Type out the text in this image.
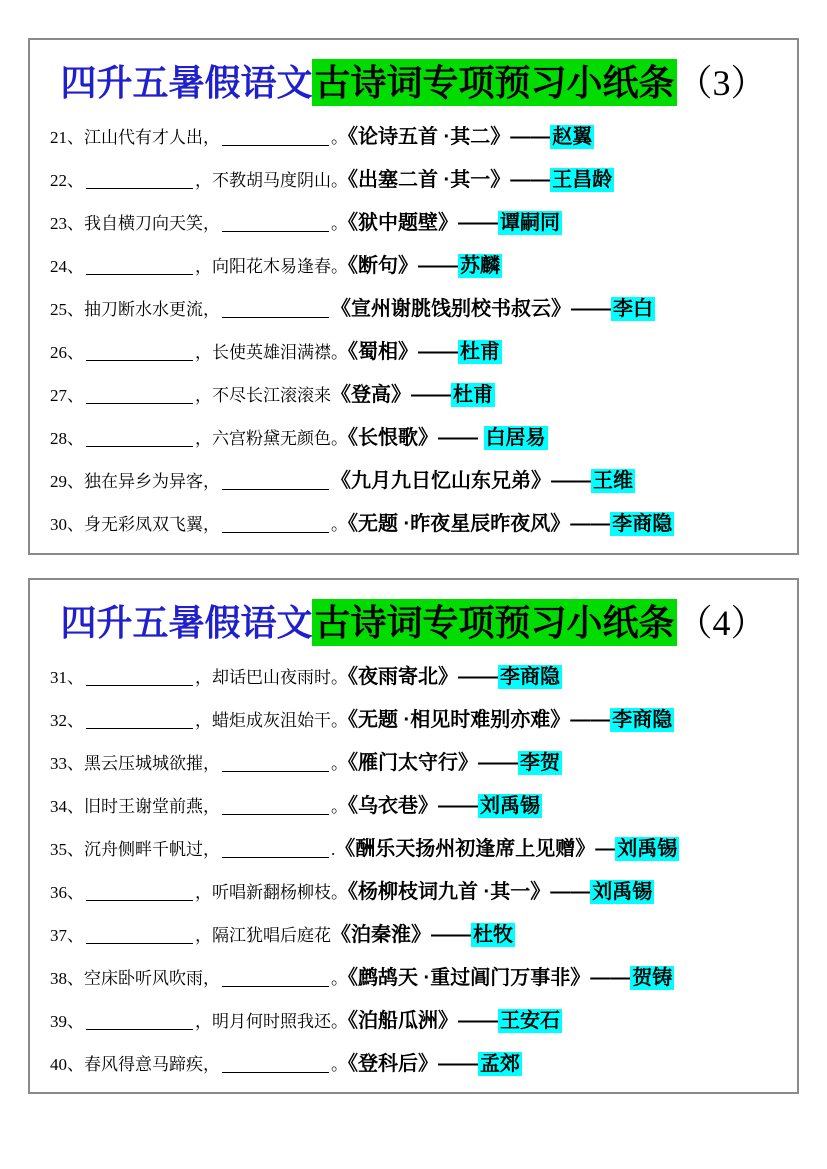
四升五暑假语文古诗词专项预习小纸条（3）
21、江山代有才人出，	。《论诗五首 ·其二》—— 赵翼
22、	，不教胡马度阴山。《出塞二首 ·其一》—— 王昌龄
23、我自横刀向天笑，	。《狱中题壁》—— 谭嗣同
24、	，向阳花木易逢春。《断句》—— 苏麟
25、抽刀断水水更流，	《宣州谢朓饯别校书叔云》—— 李白
26、	，长使英雄泪满襟。《蜀相》—— 杜甫
27、	，不尽长江滚滚来《登高》—— 杜甫
28、	，六宫粉黛无颜色。《长恨歌》—— 白居易
29、独在异乡为异客，	《九月九日忆山东兄弟》—— 王维
30、身无彩凤双飞翼，	。《无题 ·昨夜星辰昨夜风》—— 李商隐
四升五暑假语文古诗词专项预习小纸条（4）
31、	，却话巴山夜雨时。《夜雨寄北》—— 李商隐
32、	，蜡炬成灰沮始干。《无题 ·相见时难别亦难》—— 李商隐
33、黑云压城城欲摧，	。《雁门太守行》—— 李贺
34、旧时王谢堂前燕，	。《乌衣巷》—— 刘禹锡
35、沉舟侧畔千帆过，	.《酬乐天扬州初逢席上见赠》— 刘禹锡
36、	，听唱新翻杨柳枝。《杨柳枝词九首 ·其一》—— 刘禹锡
37、	，隔江犹唱后庭花《泊秦淮》—— 杜牧
38、空床卧听风吹雨，	。《鹧鸪天 ·重过阊门万事非》—— 贺铸
39、	，明月何时照我还。《泊船瓜洲》—— 王安石
40、春风得意马蹄疾，	。《登科后》—— 孟郊
